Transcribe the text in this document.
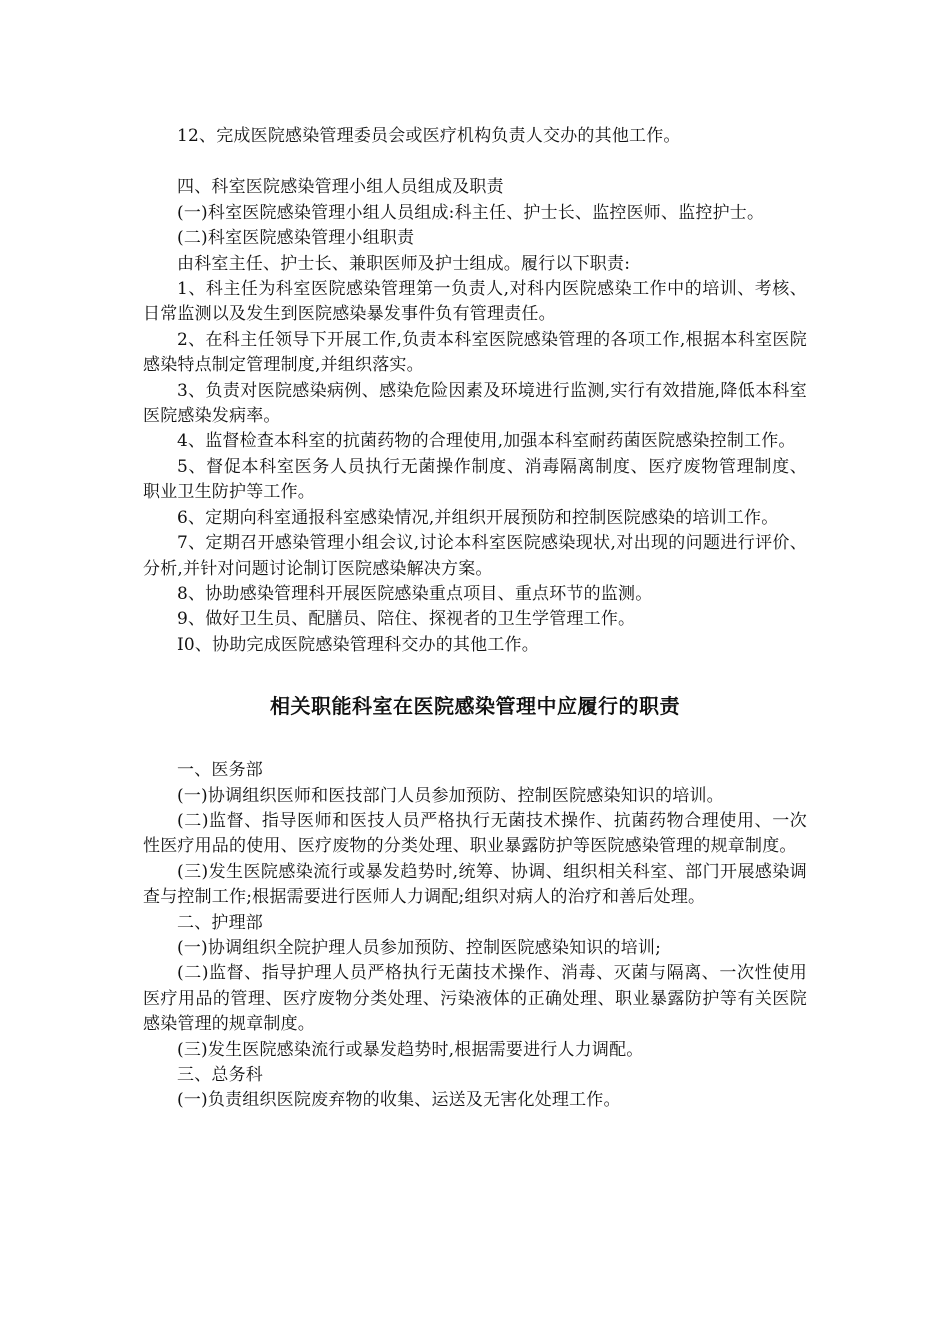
12、完成医院感染管理委员会或医疗机构负责人交办的其他工作。

四、科室医院感染管理小组人员组成及职责

(一)科室医院感染管理小组人员组成:科主任、护士长、监控医师、监控护士。

(二)科室医院感染管理小组职责

由科室主任、护士长、兼职医师及护士组成。履行以下职责:

1、科主任为科室医院感染管理第一负责人,对科内医院感染工作中的培训、考核、日常监测以及发生到医院感染暴发事件负有管理责任。

2、在科主任领导下开展工作,负责本科室医院感染管理的各项工作,根据本科室医院感染特点制定管理制度,并组织落实。

3、负责对医院感染病例、感染危险因素及环境进行监测,实行有效措施,降低本科室医院感染发病率。

4、监督检查本科室的抗菌药物的合理使用,加强本科室耐药菌医院感染控制工作。

5、督促本科室医务人员执行无菌操作制度、消毒隔离制度、医疗废物管理制度、职业卫生防护等工作。

6、定期向科室通报科室感染情况,并组织开展预防和控制医院感染的培训工作。

7、定期召开感染管理小组会议,讨论本科室医院感染现状,对出现的问题进行评价、分析,并针对问题讨论制订医院感染解决方案。

8、协助感染管理科开展医院感染重点项目、重点环节的监测。

9、做好卫生员、配膳员、陪住、探视者的卫生学管理工作。

I0、协助完成医院感染管理科交办的其他工作。

相关职能科室在医院感染管理中应履行的职责

一、医务部

(一)协调组织医师和医技部门人员参加预防、控制医院感染知识的培训。

(二)监督、指导医师和医技人员严格执行无菌技术操作、抗菌药物合理使用、一次性医疗用品的使用、医疗废物的分类处理、职业暴露防护等医院感染管理的规章制度。

(三)发生医院感染流行或暴发趋势时,统筹、协调、组织相关科室、部门开展感染调查与控制工作;根据需要进行医师人力调配;组织对病人的治疗和善后处理。

二、护理部

(一)协调组织全院护理人员参加预防、控制医院感染知识的培训;

(二)监督、指导护理人员严格执行无菌技术操作、消毒、灭菌与隔离、一次性使用医疗用品的管理、医疗废物分类处理、污染液体的正确处理、职业暴露防护等有关医院感染管理的规章制度。

(三)发生医院感染流行或暴发趋势时,根据需要进行人力调配。

三、总务科

(一)负责组织医院废弃物的收集、运送及无害化处理工作。
